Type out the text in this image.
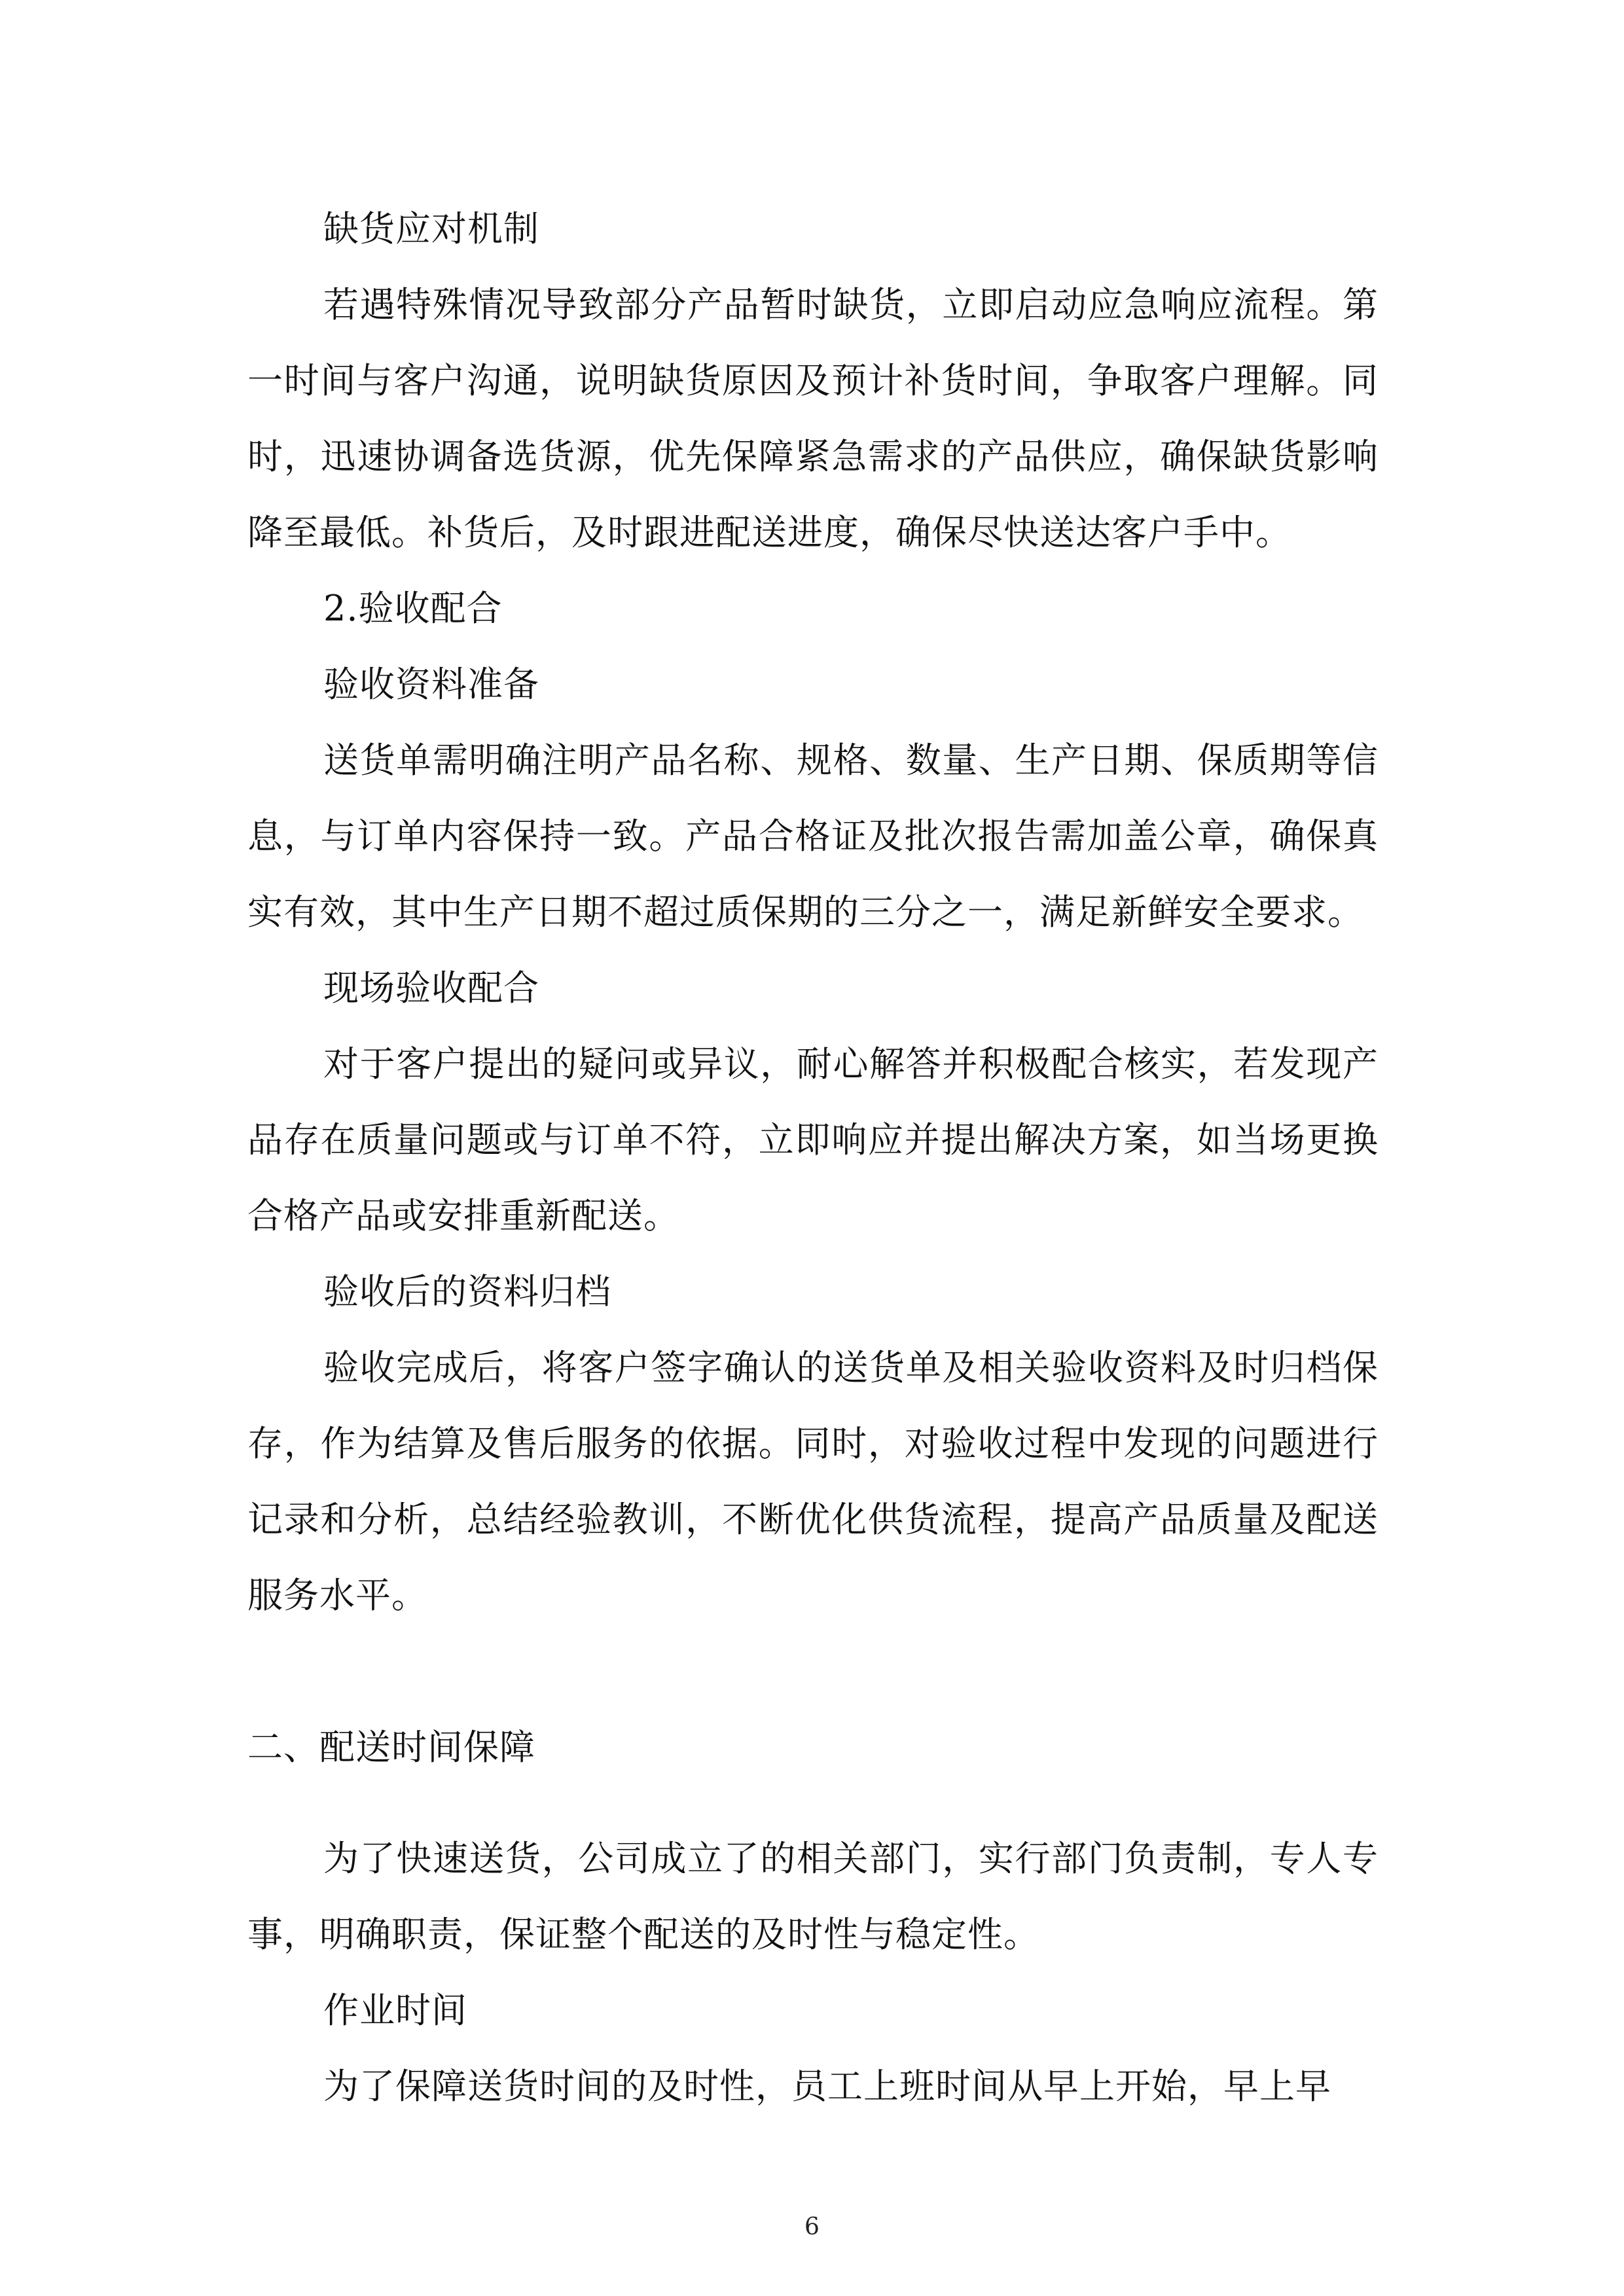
缺货应对机制

若遇特殊情况导致部分产品暂时缺货，立即启动应急响应流程。第一时间与客户沟通，说明缺货原因及预计补货时间，争取客户理解。同时，迅速协调备选货源，优先保障紧急需求的产品供应，确保缺货影响降至最低。补货后，及时跟进配送进度，确保尽快送达客户手中。

2.验收配合

验收资料准备

送货单需明确注明产品名称、规格、数量、生产日期、保质期等信息，与订单内容保持一致。产品合格证及批次报告需加盖公章，确保真实有效，其中生产日期不超过质保期的三分之一，满足新鲜安全要求。

现场验收配合

对于客户提出的疑问或异议，耐心解答并积极配合核实，若发现产品存在质量问题或与订单不符，立即响应并提出解决方案，如当场更换合格产品或安排重新配送。

验收后的资料归档

验收完成后，将客户签字确认的送货单及相关验收资料及时归档保存，作为结算及售后服务的依据。同时，对验收过程中发现的问题进行记录和分析，总结经验教训，不断优化供货流程，提高产品质量及配送服务水平。

二、配送时间保障

为了快速送货，公司成立了的相关部门，实行部门负责制，专人专事，明确职责，保证整个配送的及时性与稳定性。

作业时间

为了保障送货时间的及时性，员工上班时间从早上开始，早上早

6
